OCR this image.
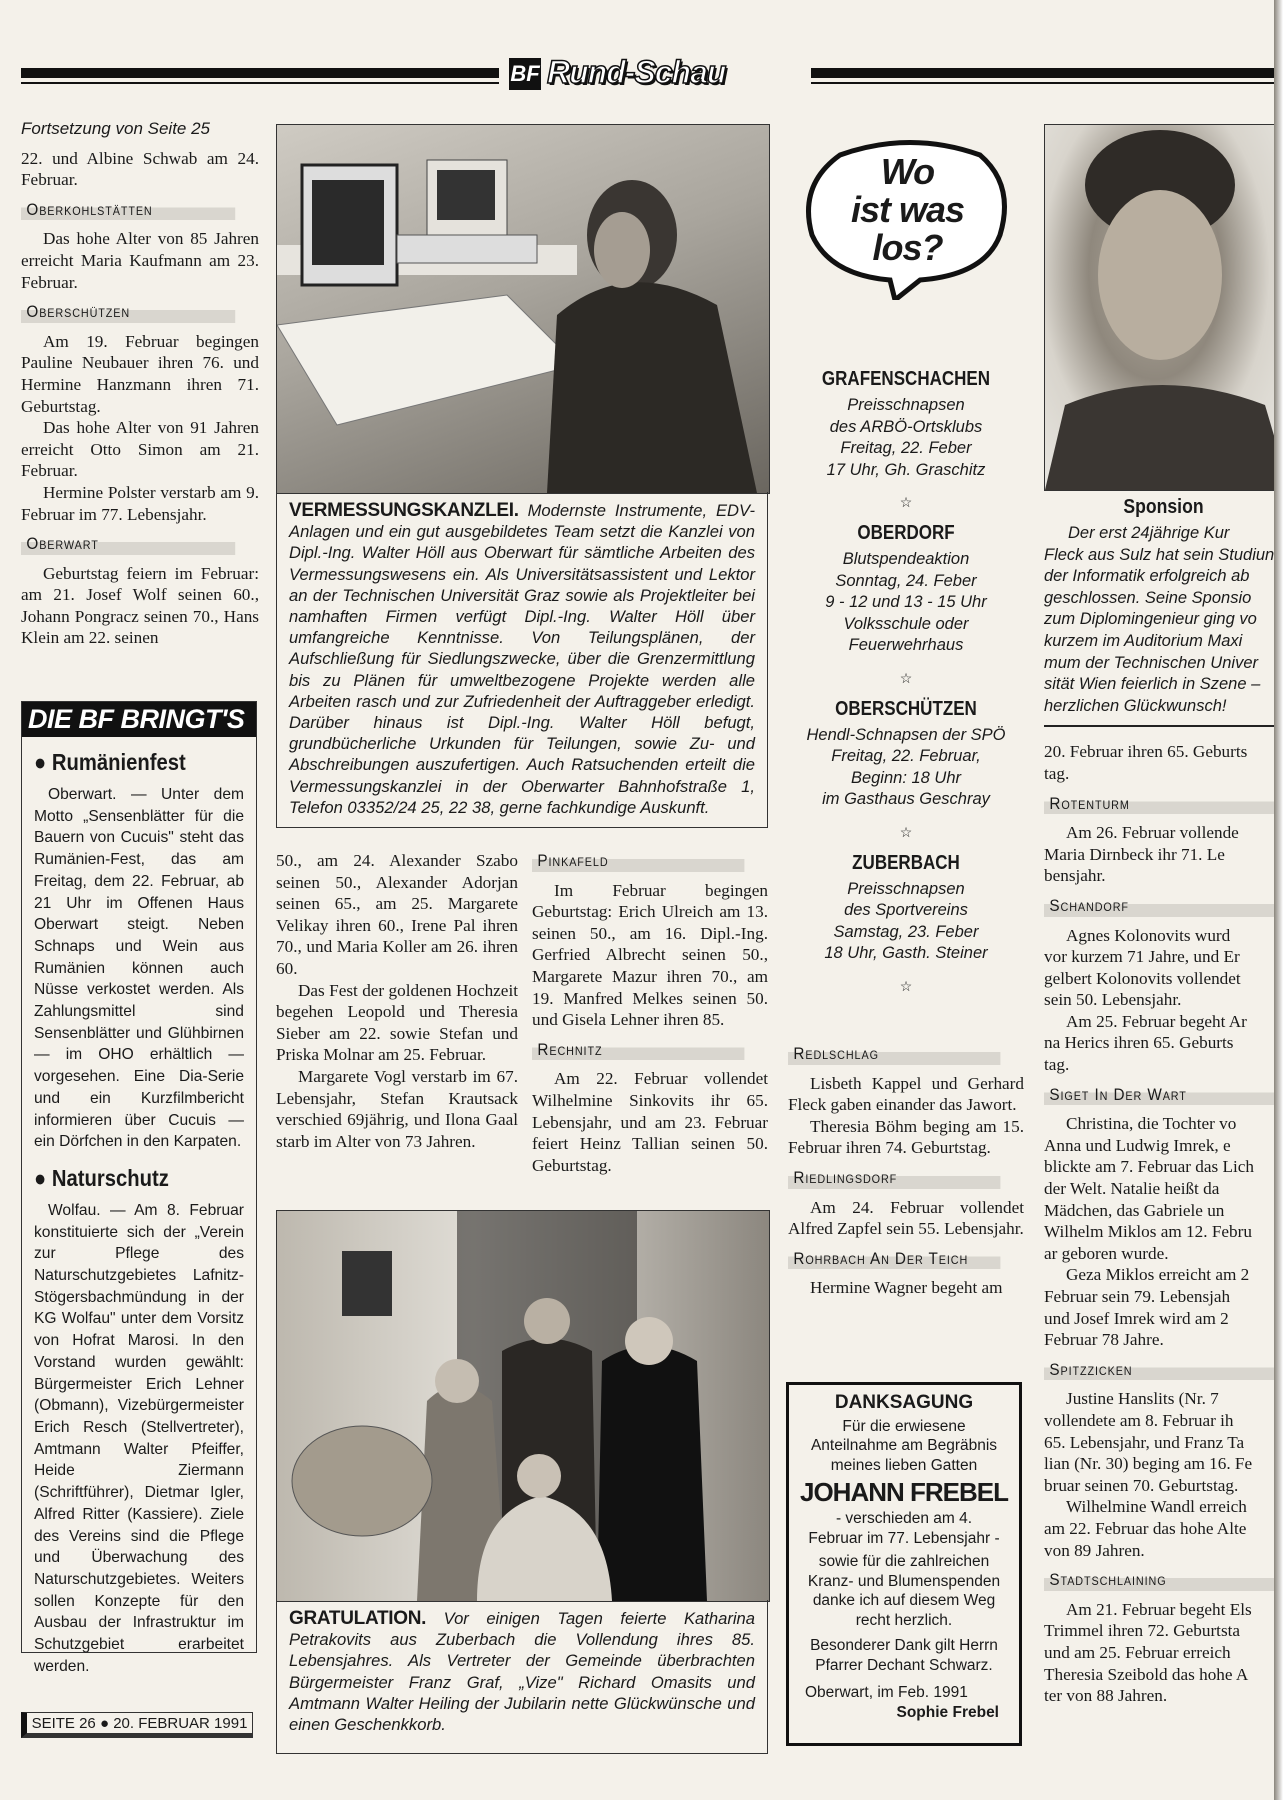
BF Rund-Schau
Fortsetzung von Seite 25

22. und Albine Schwab am 24. Februar.

Oberkohlstätten

Das hohe Alter von 85 Jahren erreicht Maria Kaufmann am 23. Februar.

Oberschützen

Am 19. Februar begingen Pauline Neubauer ihren 76. und Hermine Hanzmann ihren 71. Geburtstag.

Das hohe Alter von 91 Jahren erreicht Otto Simon am 21. Februar.

Hermine Polster verstarb am 9. Februar im 77. Lebensjahr.

Oberwart

Geburtstag feiern im Februar: am 21. Josef Wolf seinen 60., Johann Pongracz seinen 70., Hans Klein am 22. seinen

DIE BF BRINGT'S
● Rumänienfest

Oberwart. — Unter dem Motto „Sensenblätter für die Bauern von Cucuis" steht das Rumänien-Fest, das am Freitag, dem 22. Februar, ab 21 Uhr im Offenen Haus Oberwart steigt. Neben Schnaps und Wein aus Rumänien können auch Nüsse verkostet werden. Als Zahlungsmittel sind Sensenblätter und Glühbirnen — im OHO erhältlich — vorgesehen. Eine Dia-Serie und ein Kurzfilmbericht informieren über Cucuis — ein Dörfchen in den Karpaten.

● Naturschutz

Wolfau. — Am 8. Februar konstituierte sich der „Verein zur Pflege des Naturschutzgebietes Lafnitz-Stögersbachmündung in der KG Wolfau" unter dem Vorsitz von Hofrat Marosi. In den Vorstand wurden gewählt: Bürgermeister Erich Lehner (Obmann), Vizebürgermeister Erich Resch (Stellvertreter), Amtmann Walter Pfeiffer, Heide Ziermann (Schriftführer), Dietmar Igler, Alfred Ritter (Kassiere). Ziele des Vereins sind die Pflege und Überwachung des Naturschutzgebietes. Weiters sollen Konzepte für den Ausbau der Infrastruktur im Schutzgebiet erarbeitet werden.

SEITE 26 ● 20. FEBRUAR 1991
VERMESSUNGSKANZLEI. Modernste Instrumente, EDV-Anlagen und ein gut ausgebildetes Team setzt die Kanzlei von Dipl.-Ing. Walter Höll aus Oberwart für sämtliche Arbeiten des Vermessungswesens ein. Als Universitätsassistent und Lektor an der Technischen Universität Graz sowie als Projektleiter bei namhaften Firmen verfügt Dipl.-Ing. Walter Höll über umfangreiche Kenntnisse. Von Teilungsplänen, der Aufschließung für Siedlungszwecke, über die Grenzermittlung bis zu Plänen für umweltbezogene Projekte werden alle Arbeiten rasch und zur Zufriedenheit der Auftraggeber erledigt. Darüber hinaus ist Dipl.-Ing. Walter Höll befugt, grundbücherliche Urkunden für Teilungen, sowie Zu- und Abschreibungen auszufertigen. Auch Ratsuchenden erteilt die Vermessungskanzlei in der Oberwarter Bahnhofstraße 1, Telefon 03352/24 25, 22 38, gerne fachkundige Auskunft.

50., am 24. Alexander Szabo seinen 50., Alexander Adorjan seinen 65., am 25. Margarete Velikay ihren 60., Irene Pal ihren 70., und Maria Koller am 26. ihren 60.

Das Fest der goldenen Hochzeit begehen Leopold und Theresia Sieber am 22. sowie Stefan und Priska Molnar am 25. Februar.

Margarete Vogl verstarb im 67. Lebensjahr, Stefan Krautsack verschied 69jährig, und Ilona Gaal starb im Alter von 73 Jahren.

Pinkafeld

Im Februar begingen Geburtstag: Erich Ulreich am 13. seinen 50., am 16. Dipl.-Ing. Gerfried Albrecht seinen 50., Margarete Mazur ihren 70., am 19. Manfred Melkes seinen 50. und Gisela Lehner ihren 85.

Rechnitz

Am 22. Februar vollendet Wilhelmine Sinkovits ihr 65. Lebensjahr, und am 23. Februar feiert Heinz Tallian seinen 50. Geburtstag.

GRATULATION. Vor einigen Tagen feierte Katharina Petrakovits aus Zuberbach die Vollendung ihres 85. Lebensjahres. Als Vertreter der Gemeinde überbrachten Bürgermeister Franz Graf, „Vize" Richard Omasits und Amtmann Walter Heiling der Jubilarin nette Glückwünsche und einen Geschenkkorb.
Wo
ist was
los?
GRAFENSCHACHEN
Preisschnapsen
des ARBÖ-Ortsklubs
Freitag, 22. Feber
17 Uhr, Gh. Graschitz
☆
OBERDORF
Blutspendeaktion
Sonntag, 24. Feber
9 - 12 und 13 - 15 Uhr
Volksschule oder
Feuerwehrhaus
☆
OBERSCHÜTZEN
Hendl-Schnapsen der SPÖ
Freitag, 22. Februar,
Beginn: 18 Uhr
im Gasthaus Geschray
☆
ZUBERBACH
Preisschnapsen
des Sportvereins
Samstag, 23. Feber
18 Uhr, Gasth. Steiner
☆
Redlschlag

Lisbeth Kappel und Gerhard Fleck gaben einander das Jawort.

Theresia Böhm beging am 15. Februar ihren 74. Geburtstag.

Riedlingsdorf

Am 24. Februar vollendet Alfred Zapfel sein 55. Lebensjahr.

Rohrbach An Der Teich

Hermine Wagner begeht am

DANKSAGUNG
Für die erwiesene
Anteilnahme am Begräbnis
meines lieben Gatten
JOHANN FREBEL
- verschieden am 4.
Februar im 77. Lebensjahr -
sowie für die zahlreichen
Kranz- und Blumenspenden
danke ich auf diesem Weg
recht herzlich.
Besonderer Dank gilt Herrn
Pfarrer Dechant Schwarz.
Oberwart, im Feb. 1991
Sophie Frebel
Sponsion
Der erst 24jährige Kur
Fleck aus Sulz hat sein Studiun
der Informatik erfolgreich ab
geschlossen. Seine Sponsio
zum Diplomingenieur ging vo
kurzem im Auditorium Maxi
mum der Technischen Univer
sität Wien feierlich in Szene –
herzlichen Glückwunsch!
20. Februar ihren 65. Geburts
tag.
Rotenturm
Am 26. Februar vollende
Maria Dirnbeck ihr 71. Le
bensjahr.
Schandorf
Agnes Kolonovits wurd
vor kurzem 71 Jahre, und Er
gelbert Kolonovits vollendet
sein 50. Lebensjahr.
Am 25. Februar begeht Ar
na Herics ihren 65. Geburts
tag.
Siget In Der Wart
Christina, die Tochter vo
Anna und Ludwig Imrek, e
blickte am 7. Februar das Lich
der Welt. Natalie heißt da
Mädchen, das Gabriele un
Wilhelm Miklos am 12. Febru
ar geboren wurde.
Geza Miklos erreicht am 2
Februar sein 79. Lebensjah
und Josef Imrek wird am 2
Februar 78 Jahre.
Spitzzicken
Justine Hanslits (Nr. 7
vollendete am 8. Februar ih
65. Lebensjahr, und Franz Ta
lian (Nr. 30) beging am 16. Fe
bruar seinen 70. Geburtstag.
Wilhelmine Wandl erreich
am 22. Februar das hohe Alte
von 89 Jahren.
Stadtschlaining
Am 21. Februar begeht Els
Trimmel ihren 72. Geburtsta
und am 25. Februar erreich
Theresia Szeibold das hohe A
ter von 88 Jahren.
